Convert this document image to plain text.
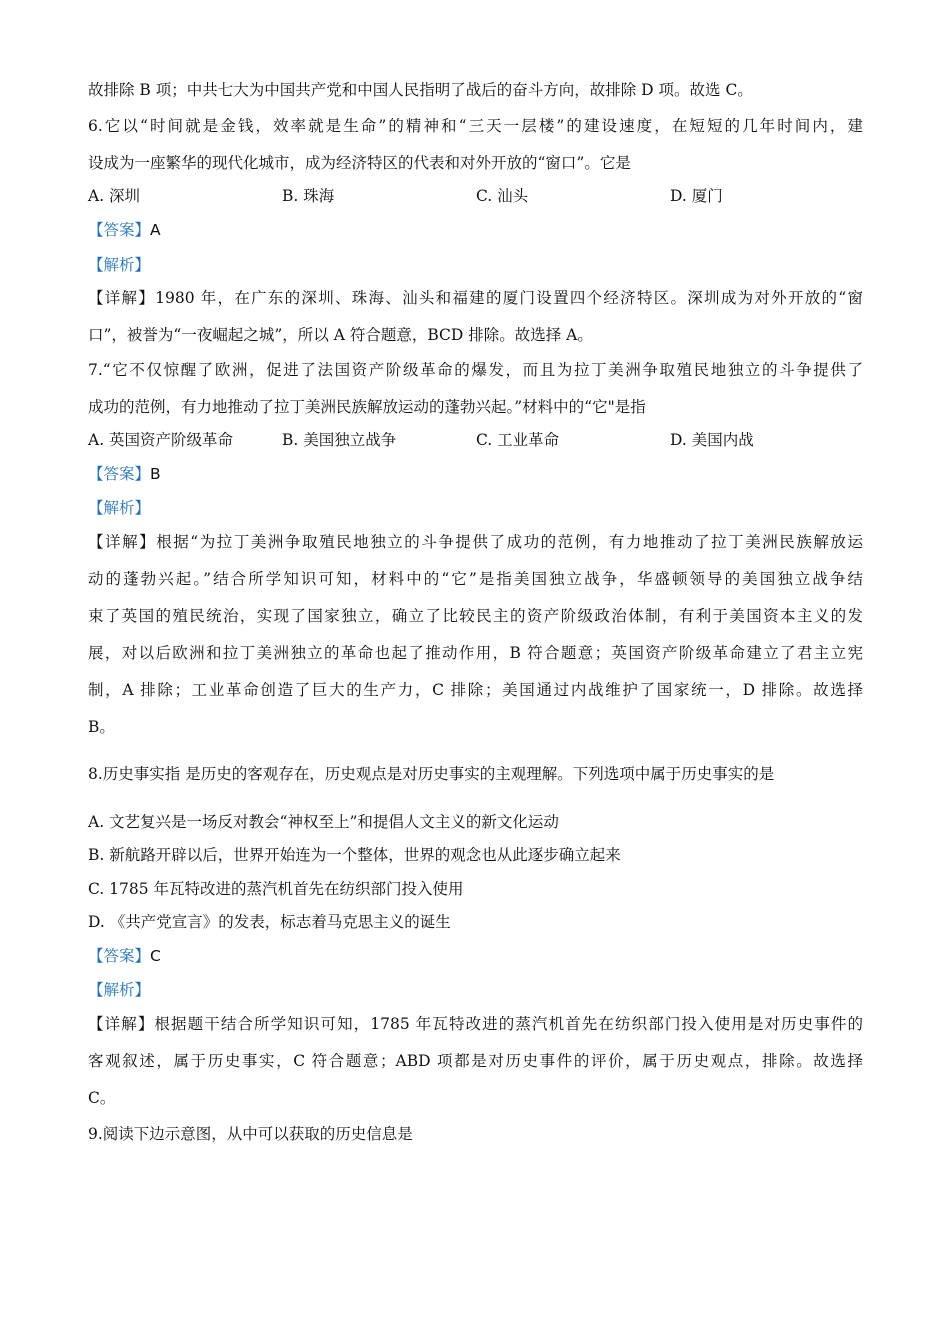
故排除 B 项；中共七大为中国共产党和中国人民指明了战后的奋斗方向，故排除 D 项。故选 C。
6.它以“时间就是金钱，效率就是生命”的精神和“三天一层楼”的建设速度，在短短的几年时间内，建
设成为一座繁华的现代化城市，成为经济特区的代表和对外开放的“窗口”。它是
A. 深圳	B. 珠海	C. 汕头	D. 厦门
【答案】A
【解析】
【详解】1980 年，在广东的深圳、珠海、汕头和福建的厦门设置四个经济特区。深圳成为对外开放的“窗
口”，被誉为“一夜崛起之城”，所以 A 符合题意，BCD 排除。故选择 A。
7.“它不仅惊醒了欧洲，促进了法国资产阶级革命的爆发，而且为拉丁美洲争取殖民地独立的斗争提供了
成功的范例，有力地推动了拉丁美洲民族解放运动的蓬勃兴起。”材料中的“它"是指
A. 英国资产阶级革命	B. 美国独立战争	C. 工业革命	D. 美国内战
【答案】B
【解析】
【详解】根据“为拉丁美洲争取殖民地独立的斗争提供了成功的范例，有力地推动了拉丁美洲民族解放运
动的蓬勃兴起。”结合所学知识可知，材料中的“它”是指美国独立战争，华盛顿领导的美国独立战争结
束了英国的殖民统治，实现了国家独立，确立了比较民主的资产阶级政治体制，有利于美国资本主义的发
展，对以后欧洲和拉丁美洲独立的革命也起了推动作用，B 符合题意；英国资产阶级革命建立了君主立宪
制，A 排除；工业革命创造了巨大的生产力，C 排除；美国通过内战维护了国家统一，D 排除。故选择
B。
8.历史事实指 是历史的客观存在，历史观点是对历史事实的主观理解。下列选项中属于历史事实的是
A. 文艺复兴是一场反对教会“神权至上”和提倡人文主义的新文化运动
B. 新航路开辟以后，世界开始连为一个整体，世界的观念也从此逐步确立起来
C. 1785 年瓦特改进的蒸汽机首先在纺织部门投入使用
D. 《共产党宣言》的发表，标志着马克思主义的诞生
【答案】C
【解析】
【详解】根据题干结合所学知识可知，1785 年瓦特改进的蒸汽机首先在纺织部门投入使用是对历史事件的
客观叙述，属于历史事实，C 符合题意；ABD 项都是对历史事件的评价，属于历史观点，排除。故选择
C。
9.阅读下边示意图，从中可以获取的历史信息是
